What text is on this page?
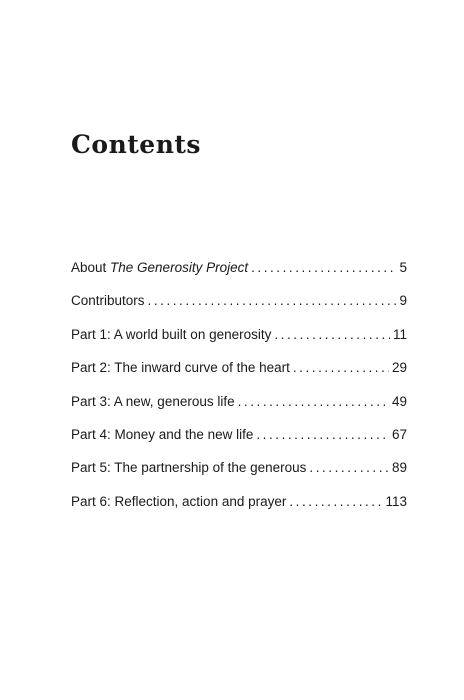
Contents
About The Generosity Project . . .	5
Contributors . . .	9
Part 1: A world built on generosity . . .	11
Part 2: The inward curve of the heart . . .	29
Part 3: A new, generous life . . .	49
Part 4: Money and the new life . . .	67
Part 5: The partnership of the generous . . .	89
Part 6: Reflection, action and prayer . . .	113
